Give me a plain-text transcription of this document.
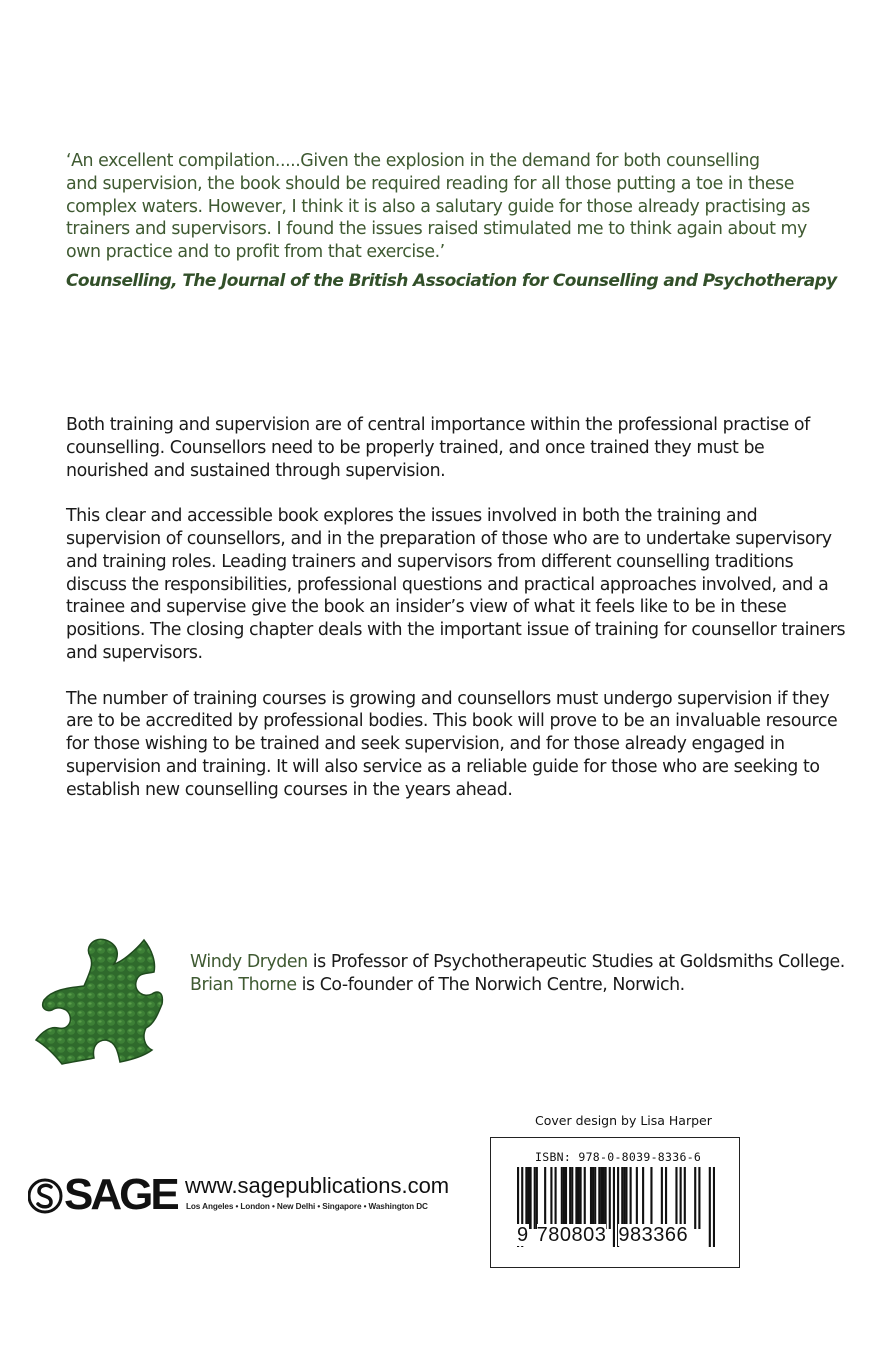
‘An excellent compilation.....Given the explosion in the demand for both counselling

and supervision, the book should be required reading for all those putting a toe in these

complex waters. However, I think it is also a salutary guide for those already practising as

trainers and supervisors. I found the issues raised stimulated me to think again about my

own practice and to profit from that exercise.’

Counselling, The Journal of the British Association for Counselling and Psychotherapy

Both training and supervision are of central importance within the professional practise of counselling. Counsellors need to be properly trained, and once trained they must be nourished and sustained through supervision.

This clear and accessible book explores the issues involved in both the training and supervision of counsellors, and in the preparation of those who are to undertake supervisory and training roles. Leading trainers and supervisors from different counselling traditions discuss the responsibilities, professional questions and practical approaches involved, and a trainee and supervise give the book an insider’s view of what it feels like to be in these positions. The closing chapter deals with the important issue of training for counsellor trainers and supervisors.

The number of training courses is growing and counsellors must undergo supervision if they are to be accredited by professional bodies. This book will prove to be an invaluable resource for those wishing to be trained and seek supervision, and for those already engaged in supervision and training. It will also service as a reliable guide for those who are seeking to establish new counselling courses in the years ahead.

Windy Dryden is Professor of Psychotherapeutic Studies at Goldsmiths College.
Brian Thorne is Co-founder of The Norwich Centre, Norwich.
Cover design by Lisa Harper
SAGE www.sagepublications.com
Los Angeles • London • New Delhi • Singapore • Washington DC
ISBN: 978-0-8039-8336-6
9 780803 983366
